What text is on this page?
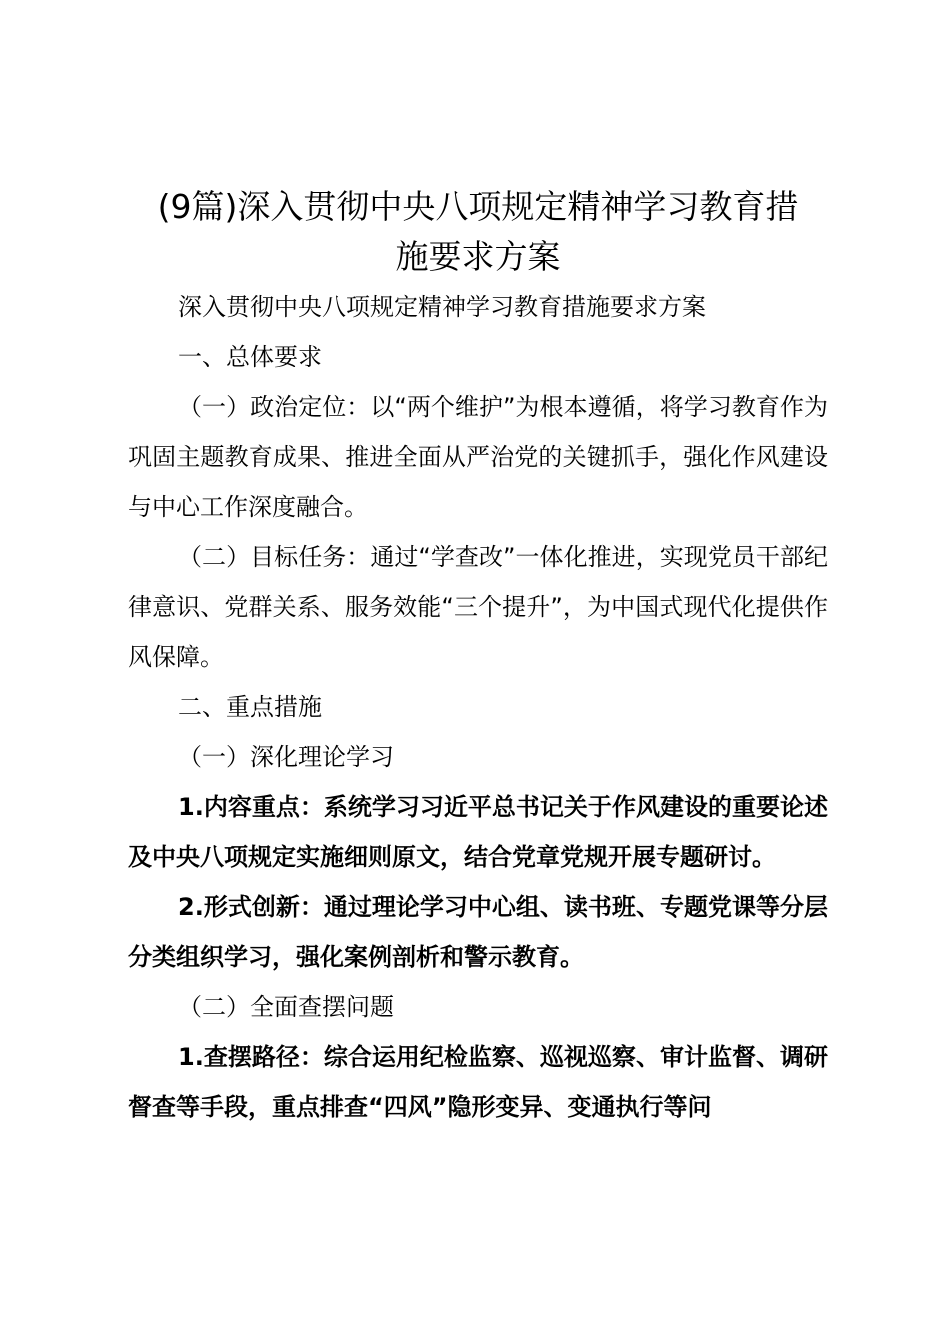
(9篇)深入贯彻中央八项规定精神学习教育措
施要求方案

深入贯彻中央八项规定精神学习教育措施要求方案

一、总体要求

（一）政治定位：以“两个维护”为根本遵循，将学习教育作为巩固主题教育成果、推进全面从严治党的关键抓手，强化作风建设与中心工作深度融合。

（二）目标任务：通过“学查改”一体化推进，实现党员干部纪律意识、党群关系、服务效能“三个提升”，为中国式现代化提供作风保障。

二、重点措施

（一）深化理论学习

1.内容重点：系统学习习近平总书记关于作风建设的重要论述及中央八项规定实施细则原文，结合党章党规开展专题研讨。

2.形式创新：通过理论学习中心组、读书班、专题党课等分层分类组织学习，强化案例剖析和警示教育。

（二）全面查摆问题

1.查摆路径：综合运用纪检监察、巡视巡察、审计监督、调研督查等手段，重点排查“四风”隐形变异、变通执行等问
